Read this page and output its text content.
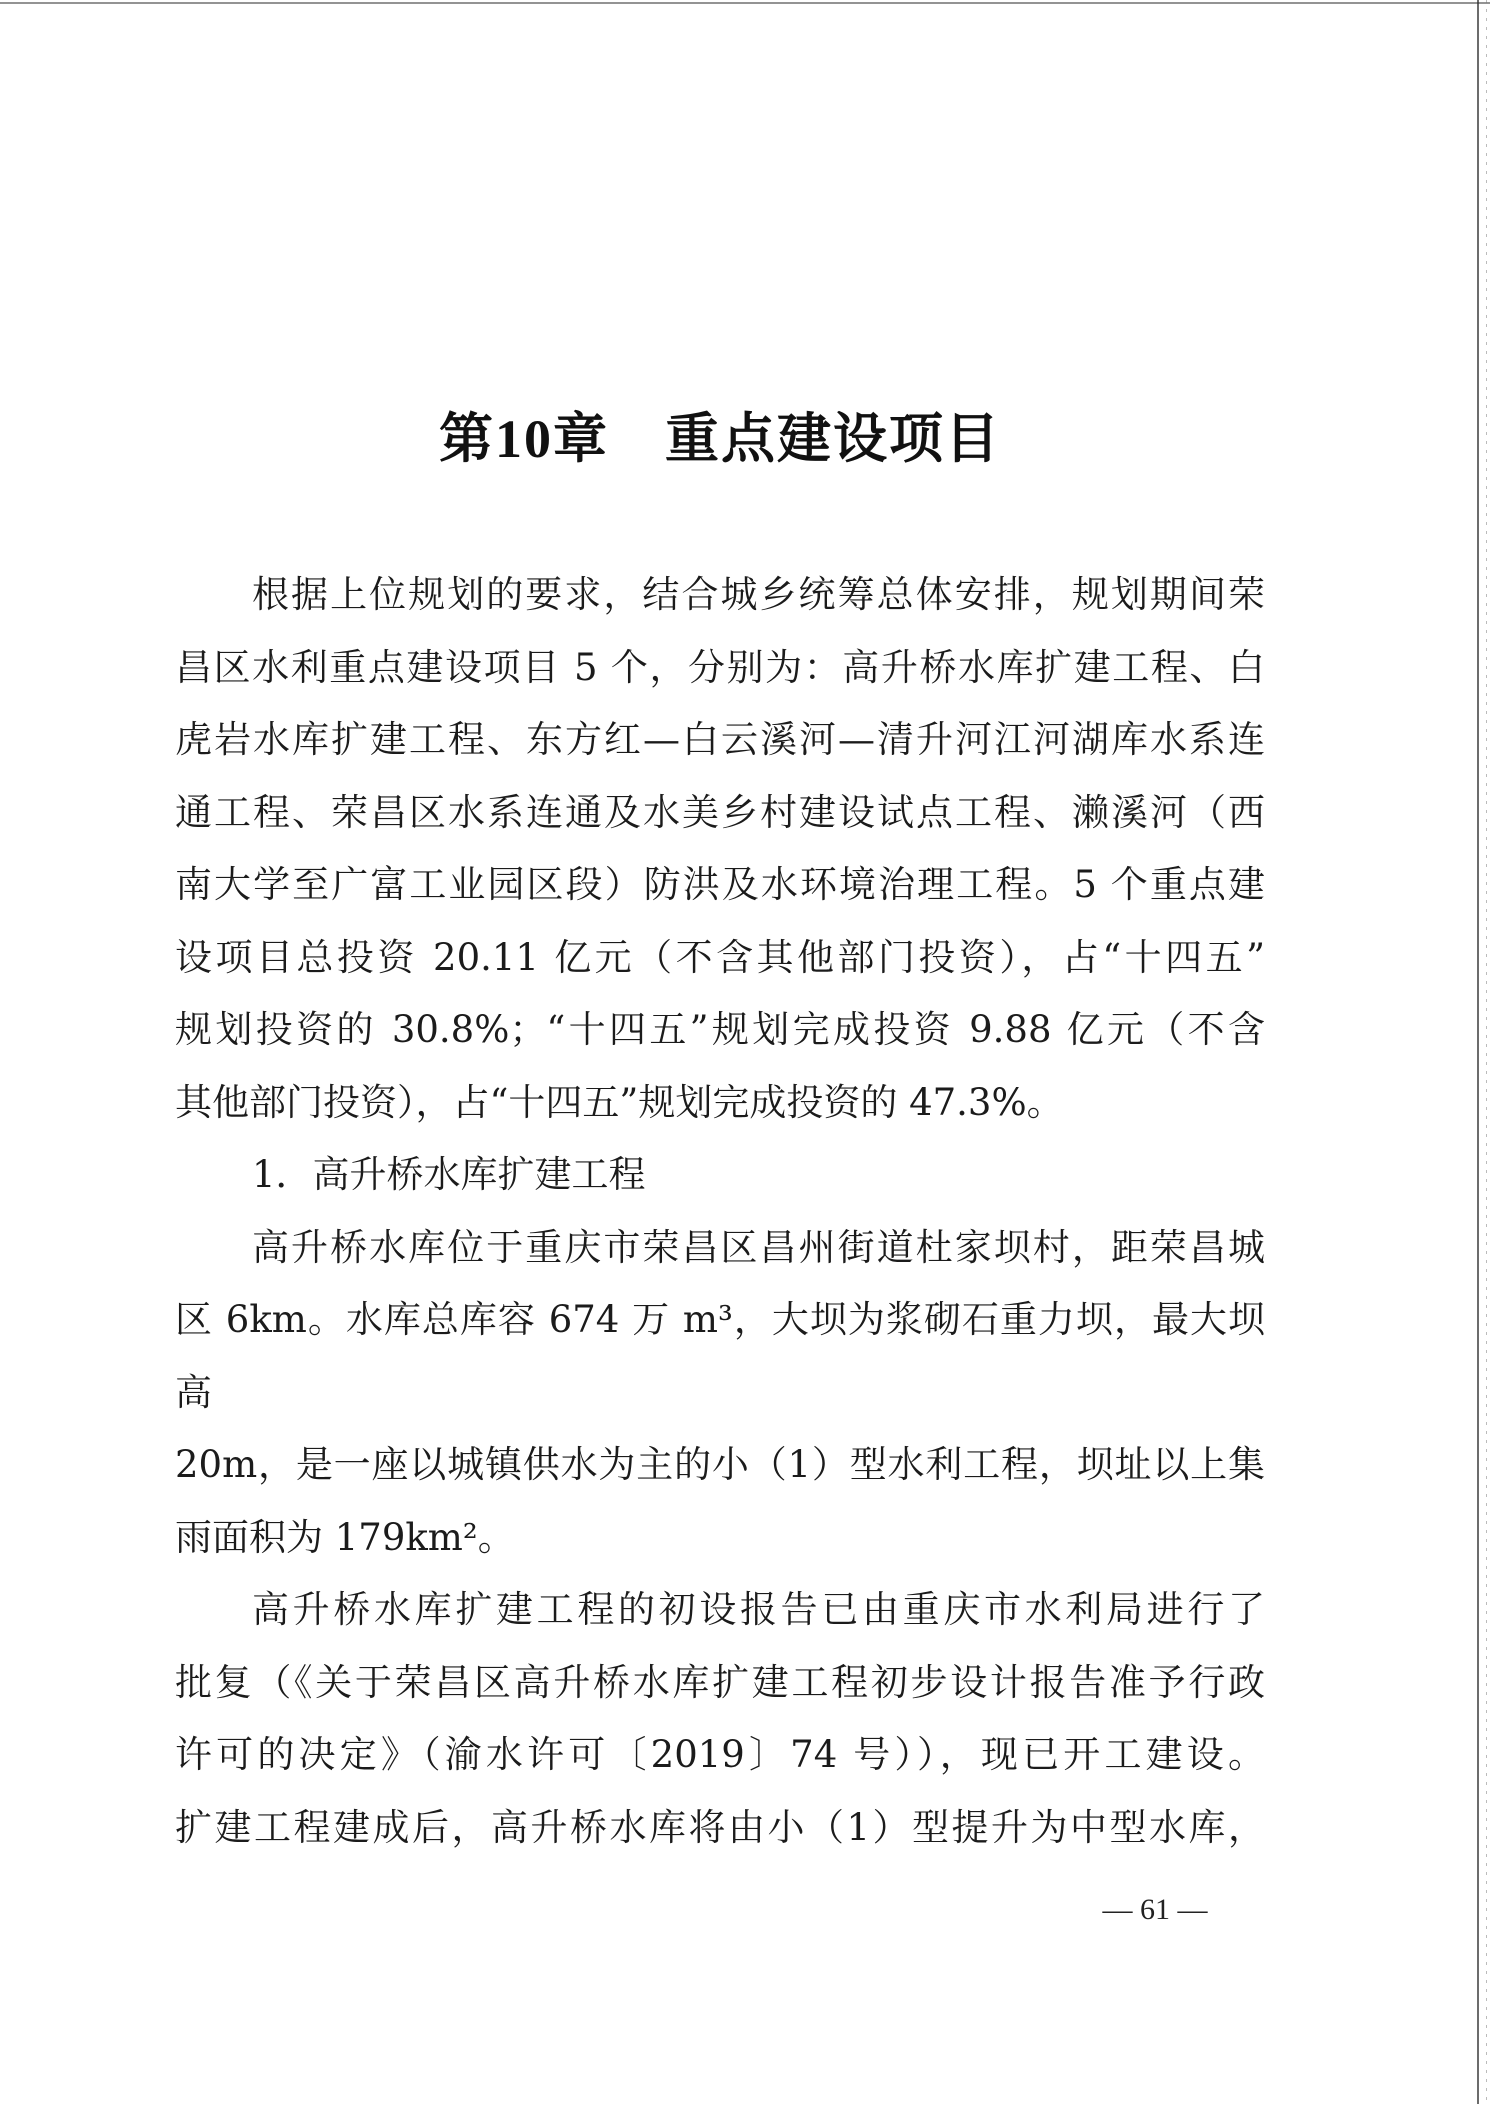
第10章　重点建设项目
根据上位规划的要求，结合城乡统筹总体安排，规划期间荣
昌区水利重点建设项目 5 个，分别为：高升桥水库扩建工程、白
虎岩水库扩建工程、东方红—白云溪河—清升河江河湖库水系连
通工程、荣昌区水系连通及水美乡村建设试点工程、濑溪河（西
南大学至广富工业园区段）防洪及水环境治理工程。5 个重点建
设项目总投资 20.11 亿元（不含其他部门投资），占“十四五”
规划投资的 30.8%；“十四五”规划完成投资 9.88 亿元（不含
其他部门投资），占“十四五”规划完成投资的 47.3%。
1．高升桥水库扩建工程
高升桥水库位于重庆市荣昌区昌州街道杜家坝村，距荣昌城
区 6km。水库总库容 674 万 m³，大坝为浆砌石重力坝，最大坝高
20m，是一座以城镇供水为主的小（1）型水利工程，坝址以上集
雨面积为 179km²。
高升桥水库扩建工程的初设报告已由重庆市水利局进行了
批复（《关于荣昌区高升桥水库扩建工程初步设计报告准予行政
许可的决定》（渝水许可〔2019〕74 号）），现已开工建设。
扩建工程建成后，高升桥水库将由小（1）型提升为中型水库，
— 61 —
